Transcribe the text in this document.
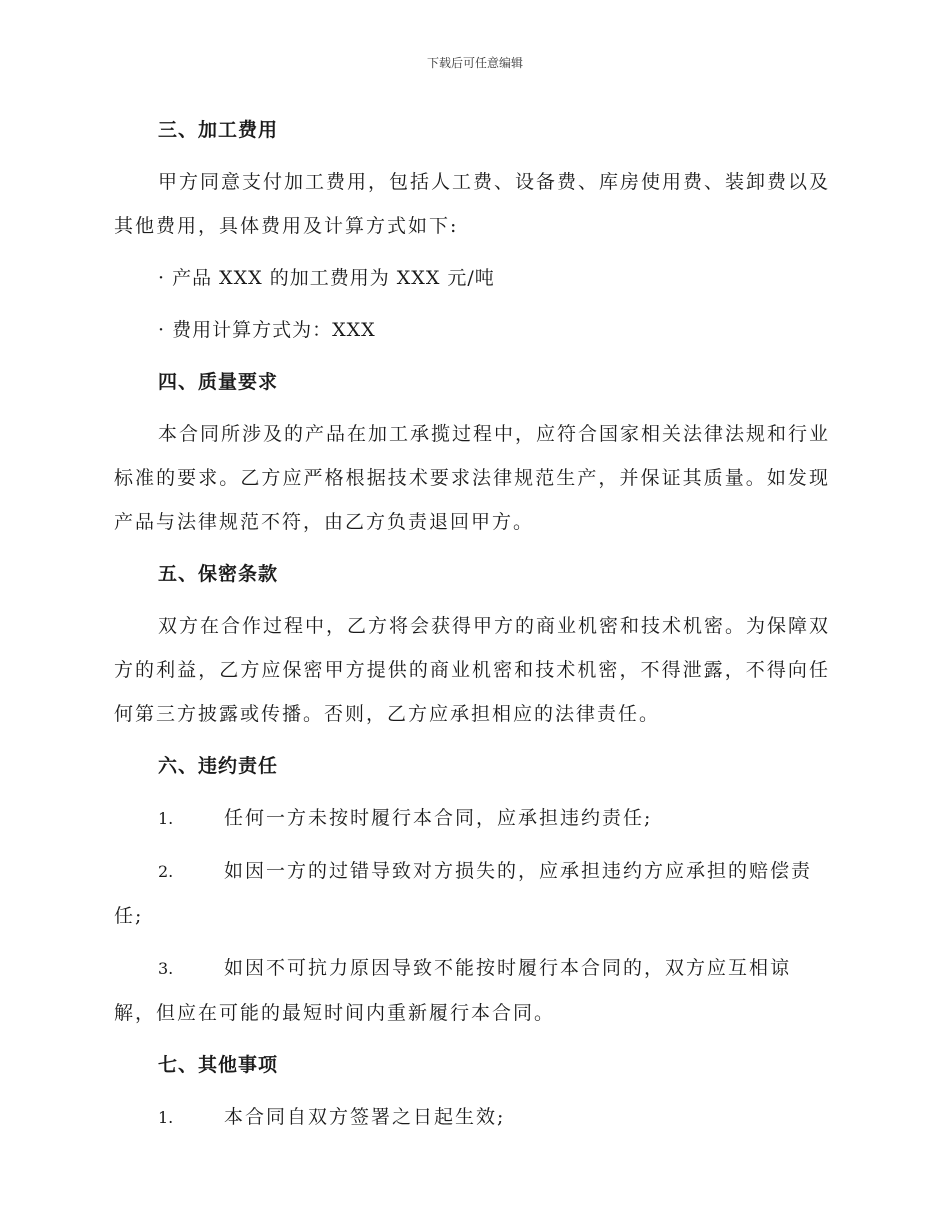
下载后可任意编辑
三、加工费用
甲方同意支付加工费用，包括人工费、设备费、库房使用费、装卸费以及其他费用，具体费用及计算方式如下:
· 产品 XXX 的加工费用为 XXX 元/吨
· 费用计算方式为：XXX
四、质量要求
本合同所涉及的产品在加工承揽过程中，应符合国家相关法律法规和行业标准的要求。乙方应严格根据技术要求法律规范生产，并保证其质量。如发现产品与法律规范不符，由乙方负责退回甲方。
五、保密条款
双方在合作过程中，乙方将会获得甲方的商业机密和技术机密。为保障双方的利益，乙方应保密甲方提供的商业机密和技术机密，不得泄露，不得向任何第三方披露或传播。否则，乙方应承担相应的法律责任。
六、违约责任
1.	任何一方未按时履行本合同，应承担违约责任;
2.	如因一方的过错导致对方损失的，应承担违约方应承担的赔偿责任;
3.	如因不可抗力原因导致不能按时履行本合同的，双方应互相谅解，但应在可能的最短时间内重新履行本合同。
七、其他事项
1.	本合同自双方签署之日起生效;
